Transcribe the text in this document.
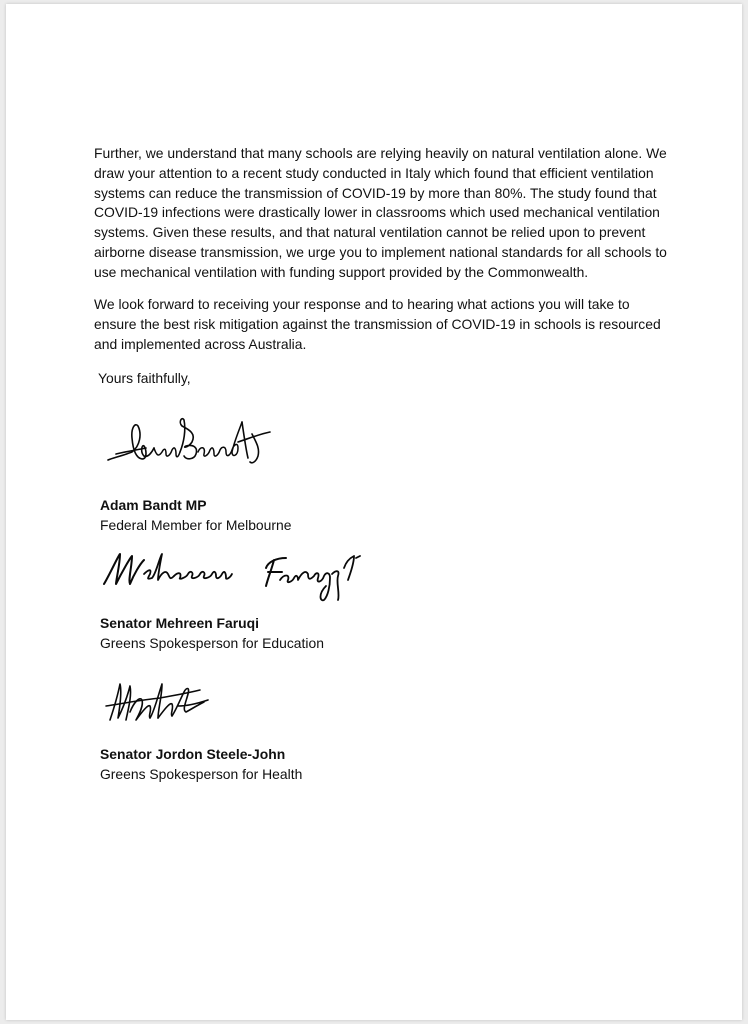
Further, we understand that many schools are relying heavily on natural ventilation alone. We draw your attention to a recent study conducted in Italy which found that efficient ventilation systems can reduce the transmission of COVID-19 by more than 80%. The study found that COVID-19 infections were drastically lower in classrooms which used mechanical ventilation systems. Given these results, and that natural ventilation cannot be relied upon to prevent airborne disease transmission, we urge you to implement national standards for all schools to use mechanical ventilation with funding support provided by the Commonwealth.

We look forward to receiving your response and to hearing what actions you will take to ensure the best risk mitigation against the transmission of COVID-19 in schools is resourced and implemented across Australia.

Yours faithfully,

Adam Bandt MP
Federal Member for Melbourne
Senator Mehreen Faruqi
Greens Spokesperson for Education
Senator Jordon Steele-John
Greens Spokesperson for Health
